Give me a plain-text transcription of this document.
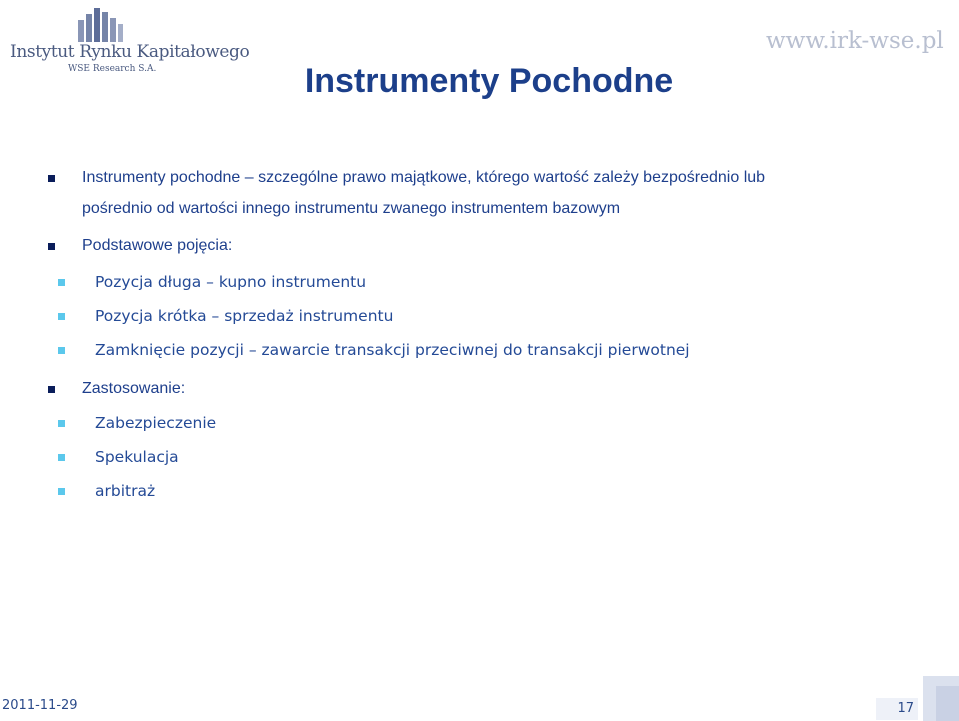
Instytut Rynku Kapitałowego
WSE Research S.A.
www.irk-wse.pl
Instrumenty Pochodne
Instrumenty pochodne – szczególne prawo majątkowe, którego wartość zależy bezpośrednio lub
pośrednio od wartości innego instrumentu zwanego instrumentem bazowym
Podstawowe pojęcia:
Pozycja długa – kupno instrumentu
Pozycja krótka – sprzedaż instrumentu
Zamknięcie pozycji – zawarcie transakcji przeciwnej do transakcji pierwotnej
Zastosowanie:
Zabezpieczenie
Spekulacja
arbitraż
2011-11-29	17
